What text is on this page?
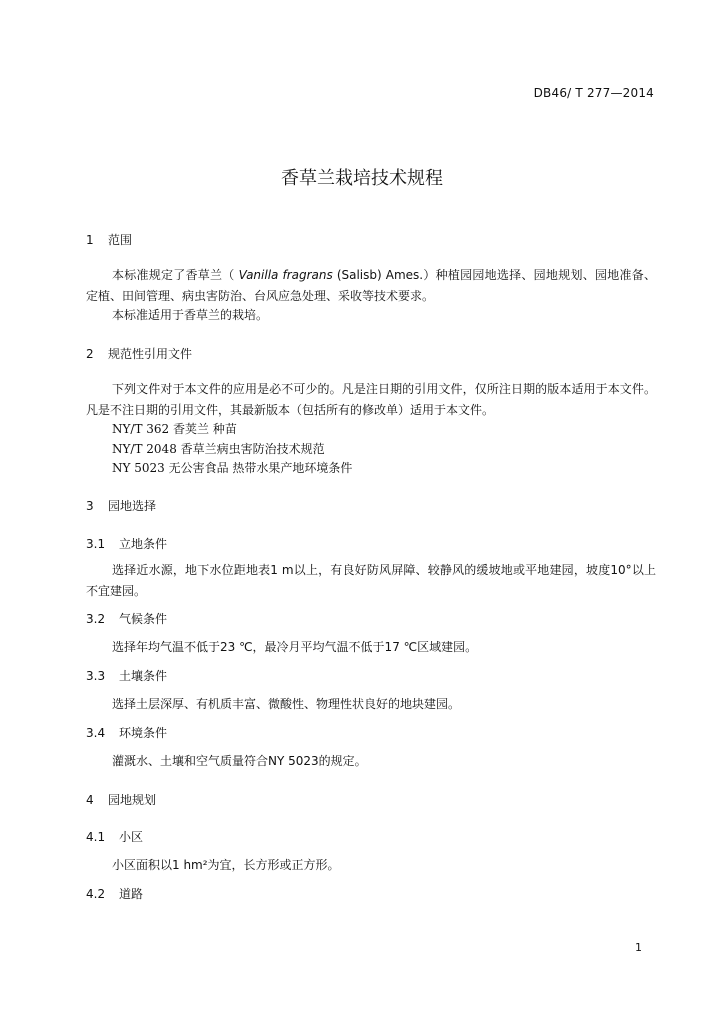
DB46/ T 277—2014
香草兰栽培技术规程
1 范围
本标准规定了香草兰（ Vanilla fragrans (Salisb) Ames.）种植园园地选择、园地规划、园地准备、定植、田间管理、病虫害防治、台风应急处理、采收等技术要求。
本标准适用于香草兰的栽培。
2 规范性引用文件
下列文件对于本文件的应用是必不可少的。凡是注日期的引用文件，仅所注日期的版本适用于本文件。凡是不注日期的引用文件，其最新版本（包括所有的修改单）适用于本文件。
NY/T 362 香荚兰 种苗
NY/T 2048 香草兰病虫害防治技术规范
NY 5023 无公害食品 热带水果产地环境条件
3 园地选择
3.1 立地条件
选择近水源，地下水位距地表1 m以上，有良好防风屏障、较静风的缓坡地或平地建园，坡度10°以上不宜建园。
3.2 气候条件
选择年均气温不低于23 ℃，最冷月平均气温不低于17 ℃区域建园。
3.3 土壤条件
选择土层深厚、有机质丰富、微酸性、物理性状良好的地块建园。
3.4 环境条件
灌溉水、土壤和空气质量符合NY 5023的规定。
4 园地规划
4.1 小区
小区面积以1 hm²为宜，长方形或正方形。
4.2 道路
1
